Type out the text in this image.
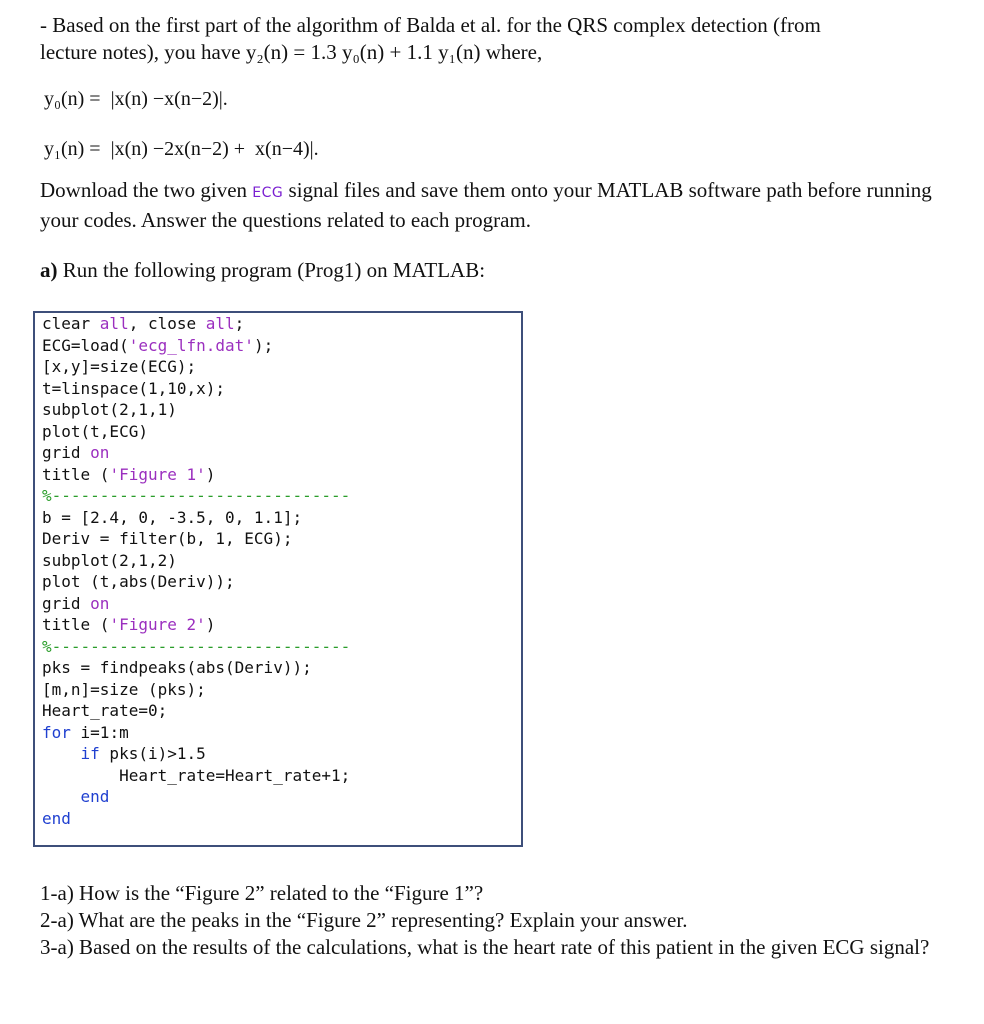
- Based on the first part of the algorithm of Balda et al. for the QRS complex detection (from
lecture notes), you have y₂(n) = 1.3 y₀(n) + 1.1 y₁(n) where,
y₀(n) =  |x(n) −x(n−2)|.
y₁(n) =  |x(n) −2x(n−2) +  x(n−4)|.
Download the two given ECG signal files and save them onto your MATLAB software path before running your codes. Answer the questions related to each program.
a) Run the following program (Prog1) on MATLAB:
clear all, close all;
ECG=load('ecg_lfn.dat');
[x,y]=size(ECG);
t=linspace(1,10,x);
subplot(2,1,1)
plot(t,ECG)
grid on
title ('Figure 1')
%-------------------------------
b = [2.4, 0, -3.5, 0, 1.1];
Deriv = filter(b, 1, ECG);
subplot(2,1,2)
plot (t,abs(Deriv));
grid on
title ('Figure 2')
%-------------------------------
pks = findpeaks(abs(Deriv));
[m,n]=size (pks);
Heart_rate=0;
for i=1:m
if pks(i)>1.5
Heart_rate=Heart_rate+1;
end
end
1-a) How is the “Figure 2” related to the “Figure 1”?
2-a) What are the peaks in the “Figure 2” representing? Explain your answer.
3-a) Based on the results of the calculations, what is the heart rate of this patient in the given ECG signal?
